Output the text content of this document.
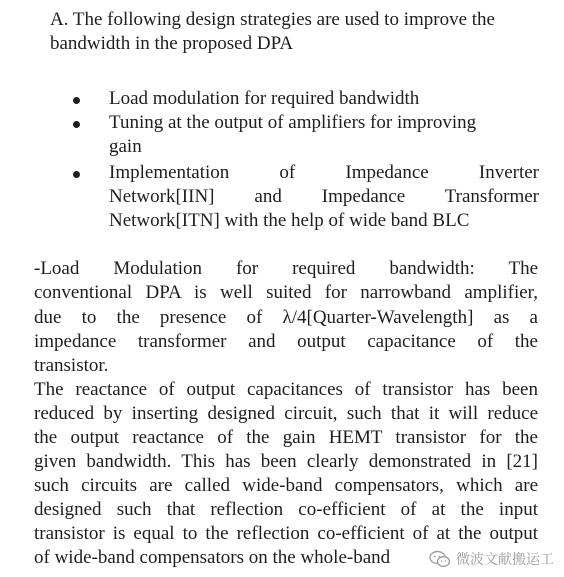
A. The following design strategies are used to improve the
bandwidth in the proposed DPA
Load modulation for required bandwidth
Tuning at the output of amplifiers for improving
gain
Implementation of Impedance Inverter
Network[IIN] and Impedance Transformer
Network[ITN] with the help of wide band BLC
-Load Modulation for required bandwidth: The
conventional DPA is well suited for narrowband amplifier,
due to the presence of λ/4[Quarter-Wavelength] as a
impedance transformer and output capacitance of the
transistor.
The reactance of output capacitances of transistor has been
reduced by inserting designed circuit, such that it will reduce
the output reactance of the gain HEMT transistor for the
given bandwidth. This has been clearly demonstrated in [21]
such circuits are called wide-band compensators, which are
designed such that reflection co-efficient of at the input
transistor is equal to the reflection co-efficient of at the output
of wide-band compensators on the whole-band	微波文献搬运工
